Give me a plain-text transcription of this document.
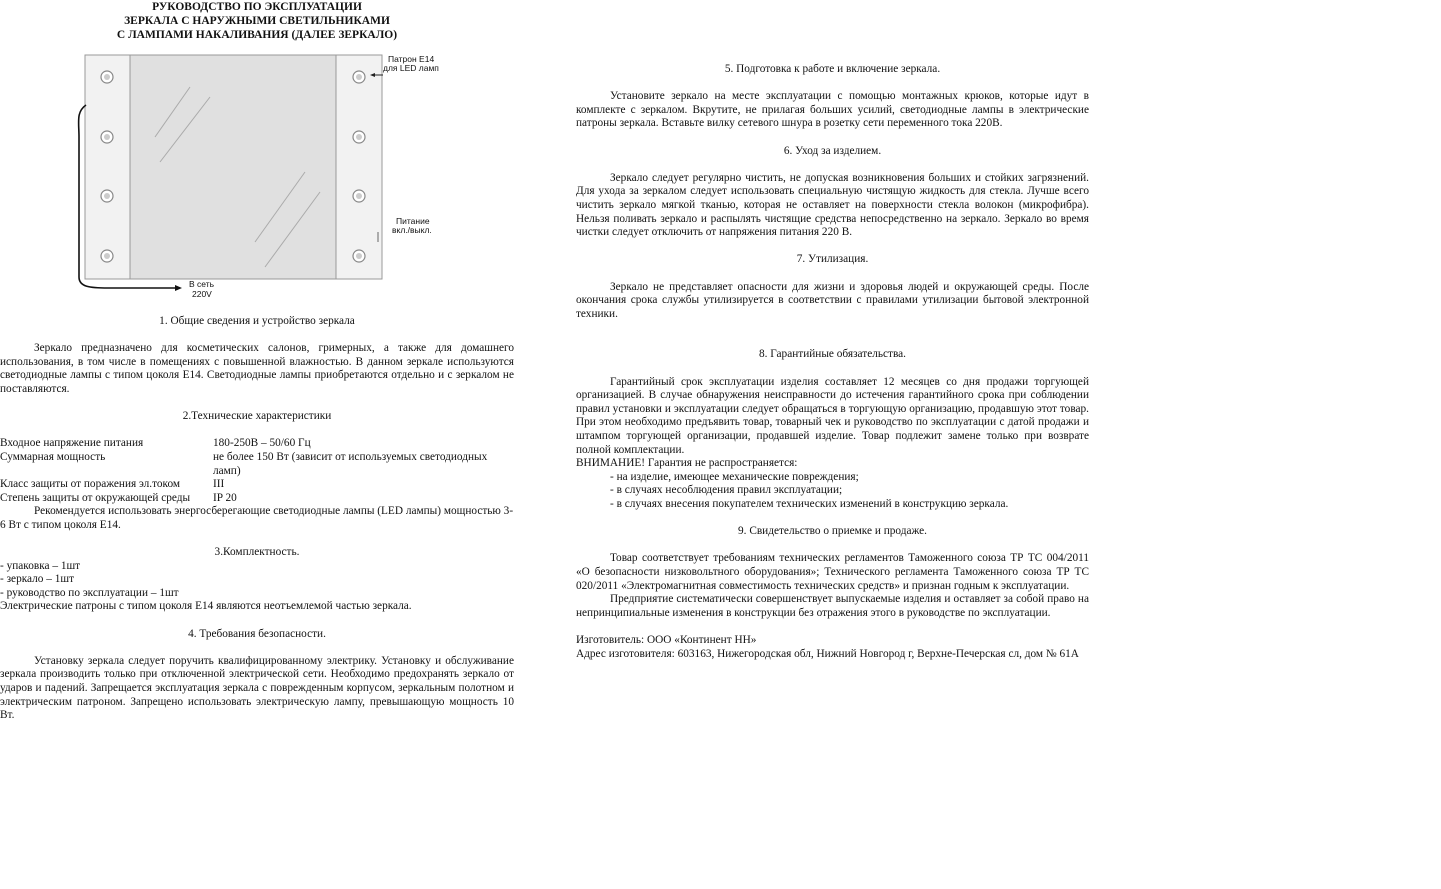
РУКОВОДСТВО ПО ЭКСПЛУАТАЦИИ

ЗЕРКАЛА С НАРУЖНЫМИ СВЕТИЛЬНИКАМИ

С ЛАМПАМИ НАКАЛИВАНИЯ (ДАЛЕЕ ЗЕРКАЛО)

Патрон Е14
для LED ламп
Питание
вкл./выкл.
В сеть
220V

1. Общие сведения и устройство зеркала

Зеркало предназначено для косметических салонов, гримерных, а также для домашнего использования, в том числе в помещениях с повышенной влажностью. В данном зеркале используются светодиодные лампы с типом цоколя Е14. Светодиодные лампы приобретаются отдельно и с зеркалом не поставляются.

2.Технические характеристики

Входное напряжение питания	180-250В – 50/60 Гц
Суммарная мощность	не более 150 Вт (зависит от используемых светодиодных ламп)
Класс защиты от поражения эл.током	III
Степень защиты от окружающей среды	IP 20

Рекомендуется использовать энергосберегающие светодиодные лампы (LED лампы) мощностью 3-6 Вт с типом цоколя Е14.

3.Комплектность.

- упаковка – 1шт

- зеркало – 1шт

- руководство по эксплуатации – 1шт

Электрические патроны с типом цоколя Е14 являются неотъемлемой частью зеркала.

4. Требования безопасности.

Установку зеркала следует поручить квалифицированному электрику. Установку и обслуживание зеркала производить только при отключенной электрической сети. Необходимо предохранять зеркало от ударов и падений. Запрещается эксплуатация зеркала с поврежденным корпусом, зеркальным полотном и электрическим патроном. Запрещено использовать электрическую лампу, превышающую мощность 10 Вт.

5. Подготовка к работе и включение зеркала.

Установите зеркало на месте эксплуатации с помощью монтажных крюков, которые идут в комплекте с зеркалом. Вкрутите, не прилагая больших усилий, светодиодные лампы в электрические патроны зеркала. Вставьте вилку сетевого шнура в розетку сети переменного тока 220В.

6. Уход за изделием.

Зеркало следует регулярно чистить, не допуская возникновения больших и стойких загрязнений. Для ухода за зеркалом следует использовать специальную чистящую жидкость для стекла. Лучше всего чистить зеркало мягкой тканью, которая не оставляет на поверхности стекла волокон (микрофибра). Нельзя поливать зеркало и распылять чистящие средства непосредственно на зеркало. Зеркало во время чистки следует отключить от напряжения питания 220 В.

7. Утилизация.

Зеркало не представляет опасности для жизни и здоровья людей и окружающей среды. После окончания срока службы утилизируется в соответствии с правилами утилизации бытовой электронной техники.

8. Гарантийные обязательства.

Гарантийный срок эксплуатации изделия составляет 12 месяцев со дня продажи торгующей организацией. В случае обнаружения неисправности до истечения гарантийного срока при соблюдении правил установки и эксплуатации следует обращаться в торгующую организацию, продавшую этот товар. При этом необходимо предъявить товар, товарный чек и руководство по эксплуатации с датой продажи и штампом торгующей организации, продавшей изделие. Товар подлежит замене только при возврате полной комплектации.

ВНИМАНИЕ! Гарантия не распространяется:

- на изделие, имеющее механические повреждения;

- в случаях несоблюдения правил эксплуатации;

- в случаях внесения покупателем технических изменений в конструкцию зеркала.

9. Свидетельство о приемке и продаже.

Товар соответствует требованиям технических регламентов Таможенного союза ТР ТС 004/2011 «О безопасности низковольтного оборудования»; Технического регламента Таможенного союза ТР ТС 020/2011 «Электромагнитная совместимость технических средств» и признан годным к эксплуатации.

Предприятие систематически совершенствует выпускаемые изделия и оставляет за собой право на непринципиальные изменения в конструкции без отражения этого в руководстве по эксплуатации.

Изготовитель: ООО «Континент НН»

Адрес изготовителя: 603163, Нижегородская обл, Нижний Новгород г, Верхне-Печерская сл, дом № 61А
